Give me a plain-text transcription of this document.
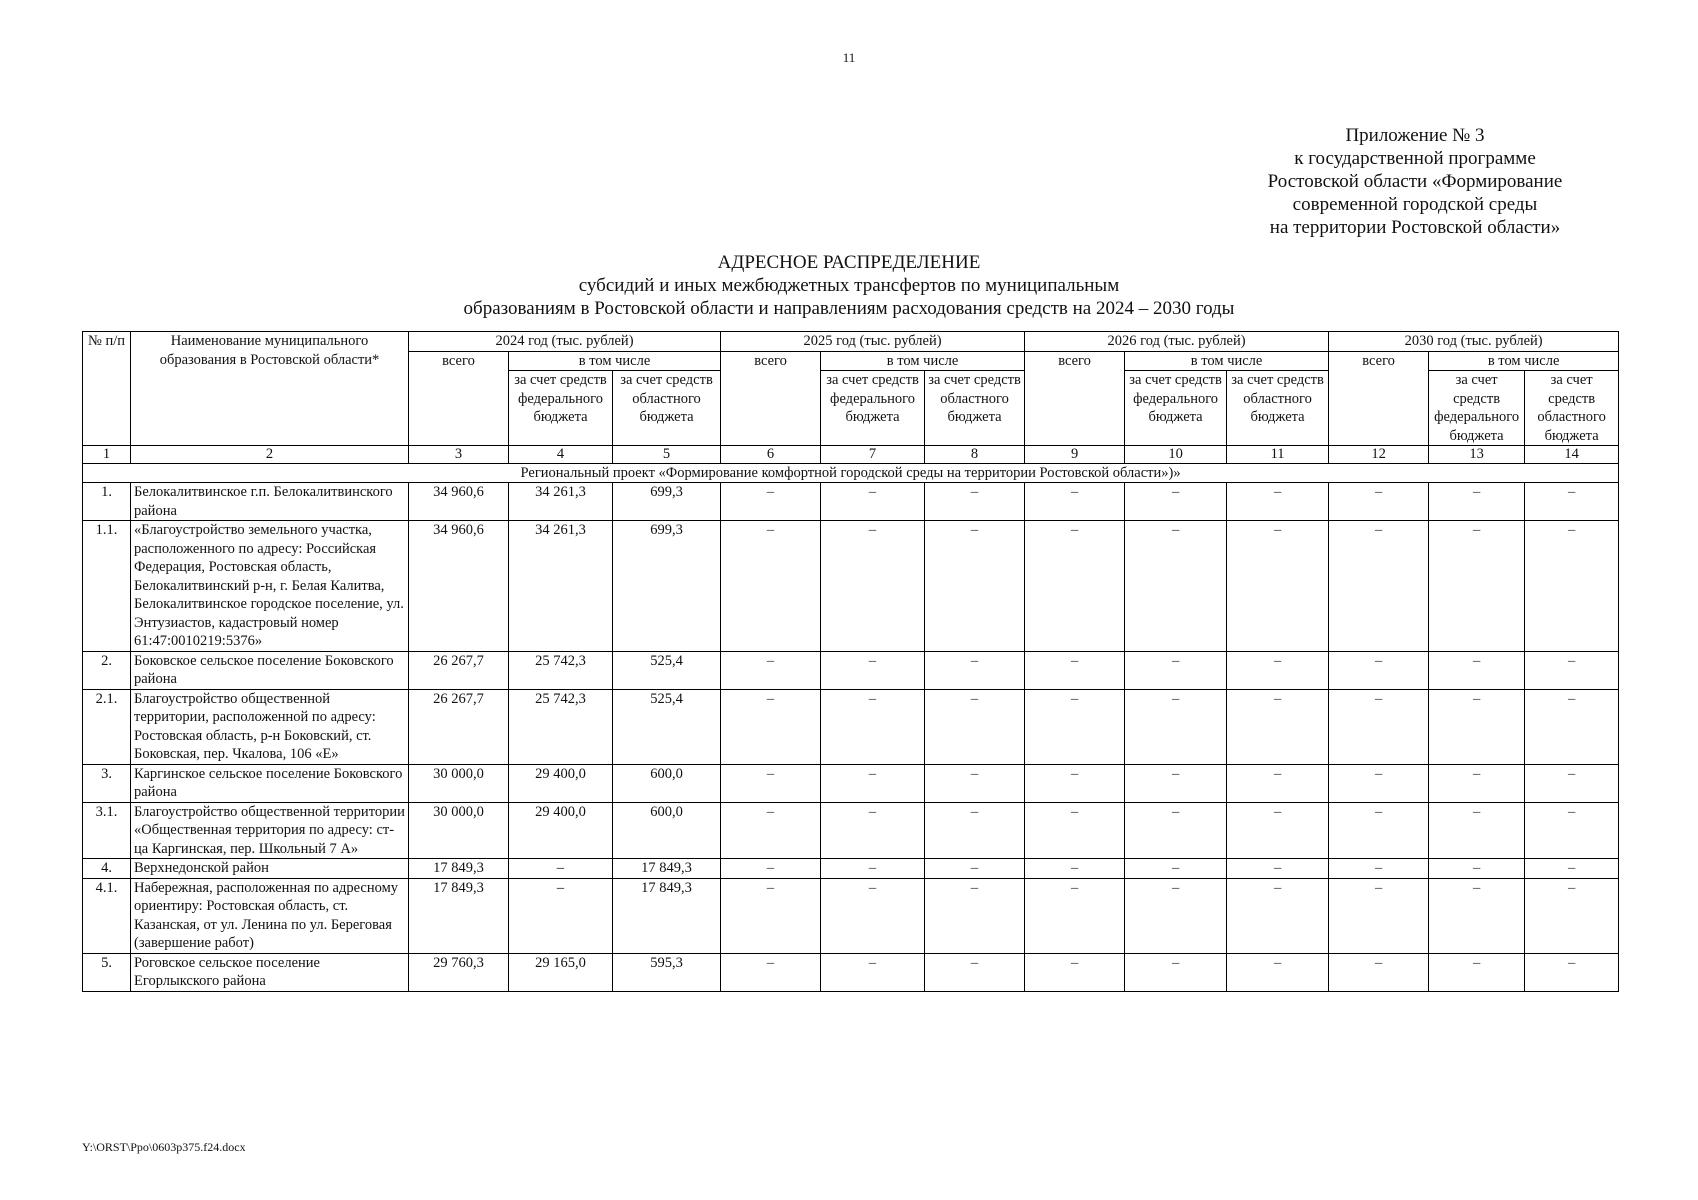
11
Приложение № 3
к государственной программе
Ростовской области «Формирование
современной городской среды
на территории Ростовской области»
АДРЕСНОЕ РАСПРЕДЕЛЕНИЕ
субсидий и иных межбюджетных трансфертов по муниципальным
образованиям в Ростовской области и направлениям расходования средств на 2024 – 2030 годы
№ п/п	Наименование муниципального образования в Ростовской области*	2024 год (тыс. рублей)			2025 год (тыс. рублей)			2026 год (тыс. рублей)			2030 год (тыс. рублей)		
		всего	в том числе		всего	в том числе		всего	в том числе		всего	в том числе	
			за счет средств федерального бюджета	за счет средств областного бюджета		за счет средств федерального бюджета	за счет средств областного бюджета		за счет средств федерального бюджета	за счет средств областного бюджета		за счет средств федерального бюджета	за счет средств областного бюджета
1	2	3	4	5	6	7	8	9	10	11	12	13	14
Региональный проект «Формирование комфортной городской среды на территории Ростовской области»)»													
1.	Белокалитвинское г.п. Белокалитвинского района	34 960,6	34 261,3	699,3	–	–	–	–	–	–	–	–	–
1.1.	«Благоустройство земельного участка, расположенного по адресу: Российская Федерация, Ростовская область, Белокалитвинский р-н, г. Белая Калитва, Белокалитвинское городское поселение, ул. Энтузиастов, кадастровый номер 61:47:0010219:5376»	34 960,6	34 261,3	699,3	–	–	–	–	–	–	–	–	–
2.	Боковское сельское поселение Боковского района	26 267,7	25 742,3	525,4	–	–	–	–	–	–	–	–	–
2.1.	Благоустройство общественной территории, расположенной по адресу: Ростовская область, р-н Боковский, ст. Боковская, пер. Чкалова, 106 «Е»	26 267,7	25 742,3	525,4	–	–	–	–	–	–	–	–	–
3.	Каргинское сельское поселение Боковского района	30 000,0	29 400,0	600,0	–	–	–	–	–	–	–	–	–
3.1.	Благоустройство общественной территории «Общественная территория по адресу: ст-ца Каргинская, пер. Школьный 7 А»	30 000,0	29 400,0	600,0	–	–	–	–	–	–	–	–	–
4.	Верхнедонской район	17 849,3	–	17 849,3	–	–	–	–	–	–	–	–	–
4.1.	Набережная, расположенная по адресному ориентиру: Ростовская область, ст. Казанская, от ул. Ленина по ул. Береговая (завершение работ)	17 849,3	–	17 849,3	–	–	–	–	–	–	–	–	–
5.	Роговское сельское поселение Егорлыкского района	29 760,3	29 165,0	595,3	–	–	–	–	–	–	–	–	–
Y:\ORST\Ppo\0603p375.f24.docx
